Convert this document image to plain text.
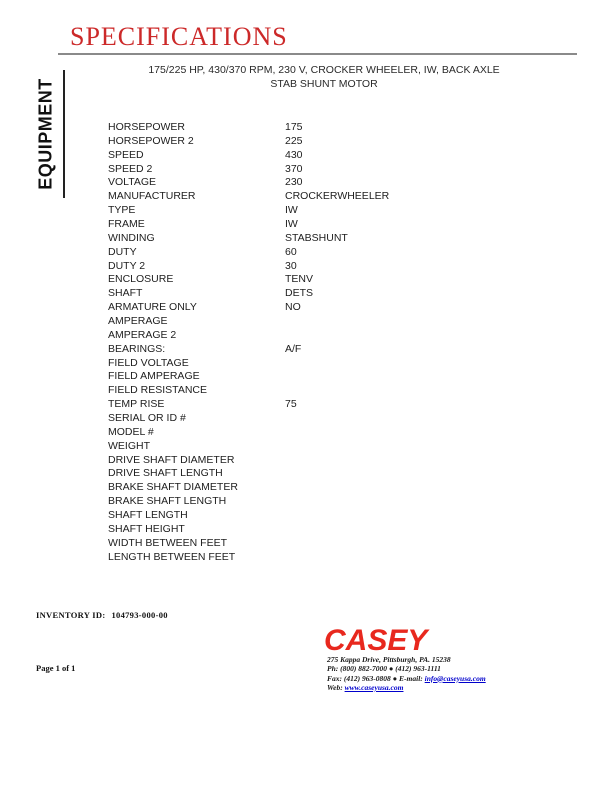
SPECIFICATIONS
EQUIPMENT
175/225 HP, 430/370 RPM, 230 V, CROCKER WHEELER, IW, BACK AXLE
STAB SHUNT MOTOR
HORSEPOWER	175
HORSEPOWER 2	225
SPEED	430
SPEED 2	370
VOLTAGE	230
MANUFACTURER	CROCKERWHEELER
TYPE	IW
FRAME	IW
WINDING	STABSHUNT
DUTY	60
DUTY 2	30
ENCLOSURE	TENV
SHAFT	DETS
ARMATURE ONLY	NO
AMPERAGE
AMPERAGE 2
BEARINGS:	A/F
FIELD VOLTAGE
FIELD AMPERAGE
FIELD RESISTANCE
TEMP RISE	75
SERIAL OR ID #
MODEL #
WEIGHT
DRIVE SHAFT DIAMETER
DRIVE SHAFT LENGTH
BRAKE SHAFT DIAMETER
BRAKE SHAFT LENGTH
SHAFT LENGTH
SHAFT HEIGHT
WIDTH BETWEEN FEET
LENGTH BETWEEN FEET
INVENTORY ID: 104793-000-00
Page 1 of 1
CASEY
275 Kappa Drive, Pittsburgh, PA. 15238
Ph: (800) 882-7000 ● (412) 963-1111
Fax: (412) 963-0808 ● E-mail: info@caseyusa.com
Web: www.caseyusa.com
